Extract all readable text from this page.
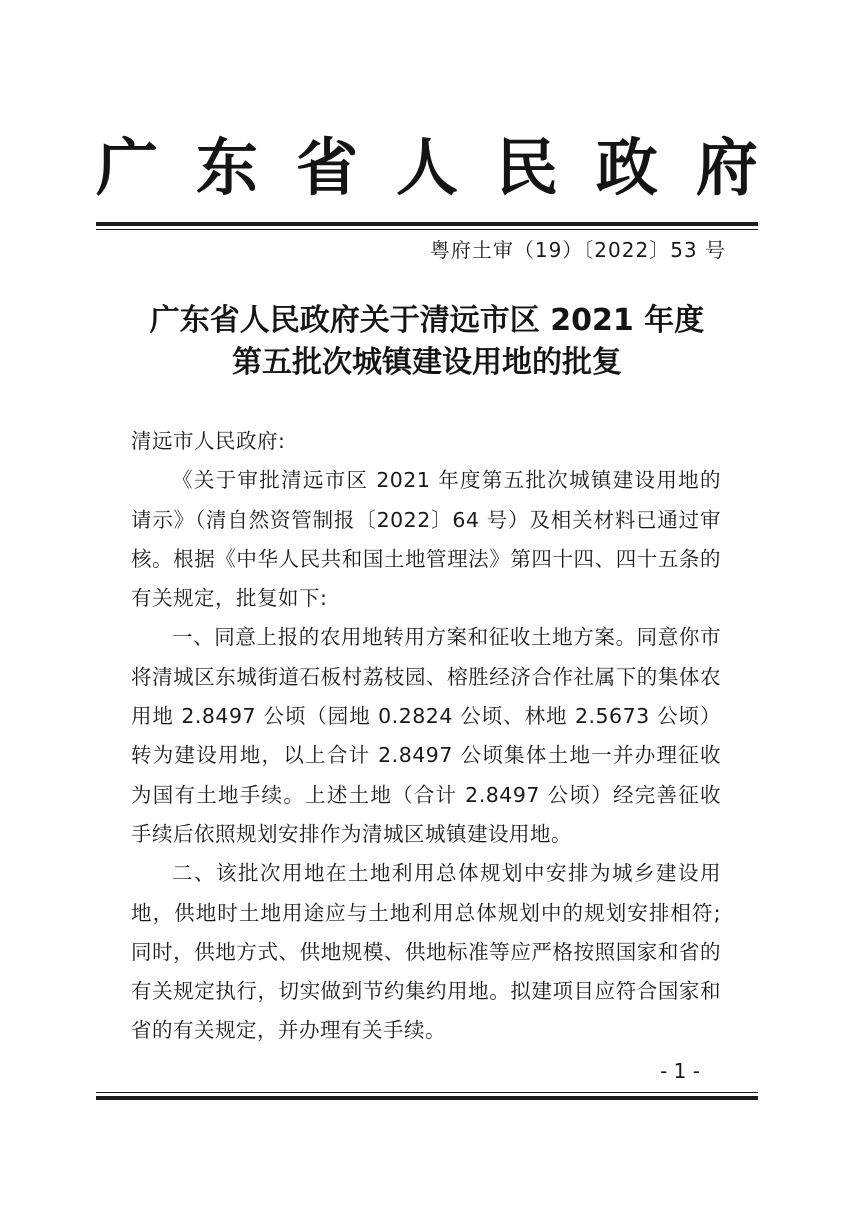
广 东 省 人 民 政 府
粤府土审（19）〔2022〕53 号
广东省人民政府关于清远市区 2021 年度
第五批次城镇建设用地的批复

清远市人民政府:

《关于审批清远市区 2021 年度第五批次城镇建设用地的请示》（清自然资管制报〔2022〕64 号）及相关材料已通过审核。根据《中华人民共和国土地管理法》第四十四、四十五条的有关规定，批复如下:

一、同意上报的农用地转用方案和征收土地方案。同意你市将清城区东城街道石板村荔枝园、榕胜经济合作社属下的集体农用地 2.8497 公顷（园地 0.2824 公顷、林地 2.5673 公顷）转为建设用地，以上合计 2.8497 公顷集体土地一并办理征收为国有土地手续。上述土地（合计 2.8497 公顷）经完善征收手续后依照规划安排作为清城区城镇建设用地。

二、该批次用地在土地利用总体规划中安排为城乡建设用地，供地时土地用途应与土地利用总体规划中的规划安排相符;同时，供地方式、供地规模、供地标准等应严格按照国家和省的有关规定执行，切实做到节约集约用地。拟建项目应符合国家和省的有关规定，并办理有关手续。

- 1 -
